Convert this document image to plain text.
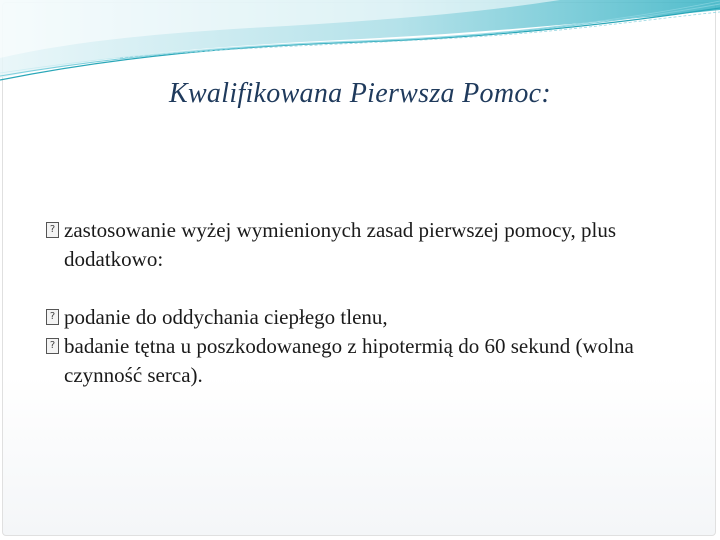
Kwalifikowana Pierwsza Pomoc:
? zastosowanie wyżej wymienionych zasad pierwszej pomocy, plus dodatkowo:
? podanie do oddychania ciepłego tlenu,
? badanie tętna u poszkodowanego z hipotermią do 60 sekund (wolna czynność serca).
